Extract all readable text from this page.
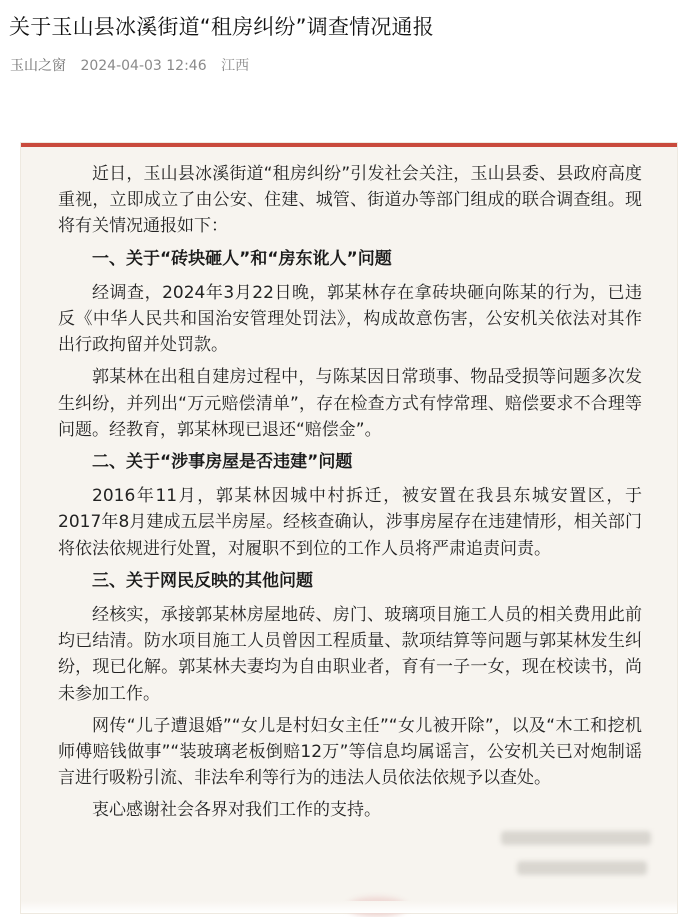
关于玉山县冰溪街道“租房纠纷”调查情况通报
玉山之窗 2024-04-03 12:46 江西

近日，玉山县冰溪街道“租房纠纷”引发社会关注，玉山县委、县政府高度重视，立即成立了由公安、住建、城管、街道办等部门组成的联合调查组。现将有关情况通报如下：

一、关于“砖块砸人”和“房东讹人”问题

经调查，2024年3月22日晚，郭某林存在拿砖块砸向陈某的行为，已违反《中华人民共和国治安管理处罚法》，构成故意伤害，公安机关依法对其作出行政拘留并处罚款。

郭某林在出租自建房过程中，与陈某因日常琐事、物品受损等问题多次发生纠纷，并列出“万元赔偿清单”，存在检查方式有悖常理、赔偿要求不合理等问题。经教育，郭某林现已退还“赔偿金”。

二、关于“涉事房屋是否违建”问题

2016年11月，郭某林因城中村拆迁，被安置在我县东城安置区，于2017年8月建成五层半房屋。经核查确认，涉事房屋存在违建情形，相关部门将依法依规进行处置，对履职不到位的工作人员将严肃追责问责。

三、关于网民反映的其他问题

经核实，承接郭某林房屋地砖、房门、玻璃项目施工人员的相关费用此前均已结清。防水项目施工人员曾因工程质量、款项结算等问题与郭某林发生纠纷，现已化解。郭某林夫妻均为自由职业者，育有一子一女，现在校读书，尚未参加工作。

网传“儿子遭退婚”“女儿是村妇女主任”“女儿被开除”，以及“木工和挖机师傅赔钱做事”“装玻璃老板倒赔12万”等信息均属谣言，公安机关已对炮制谣言进行吸粉引流、非法牟利等行为的违法人员依法依规予以查处。

衷心感谢社会各界对我们工作的支持。
